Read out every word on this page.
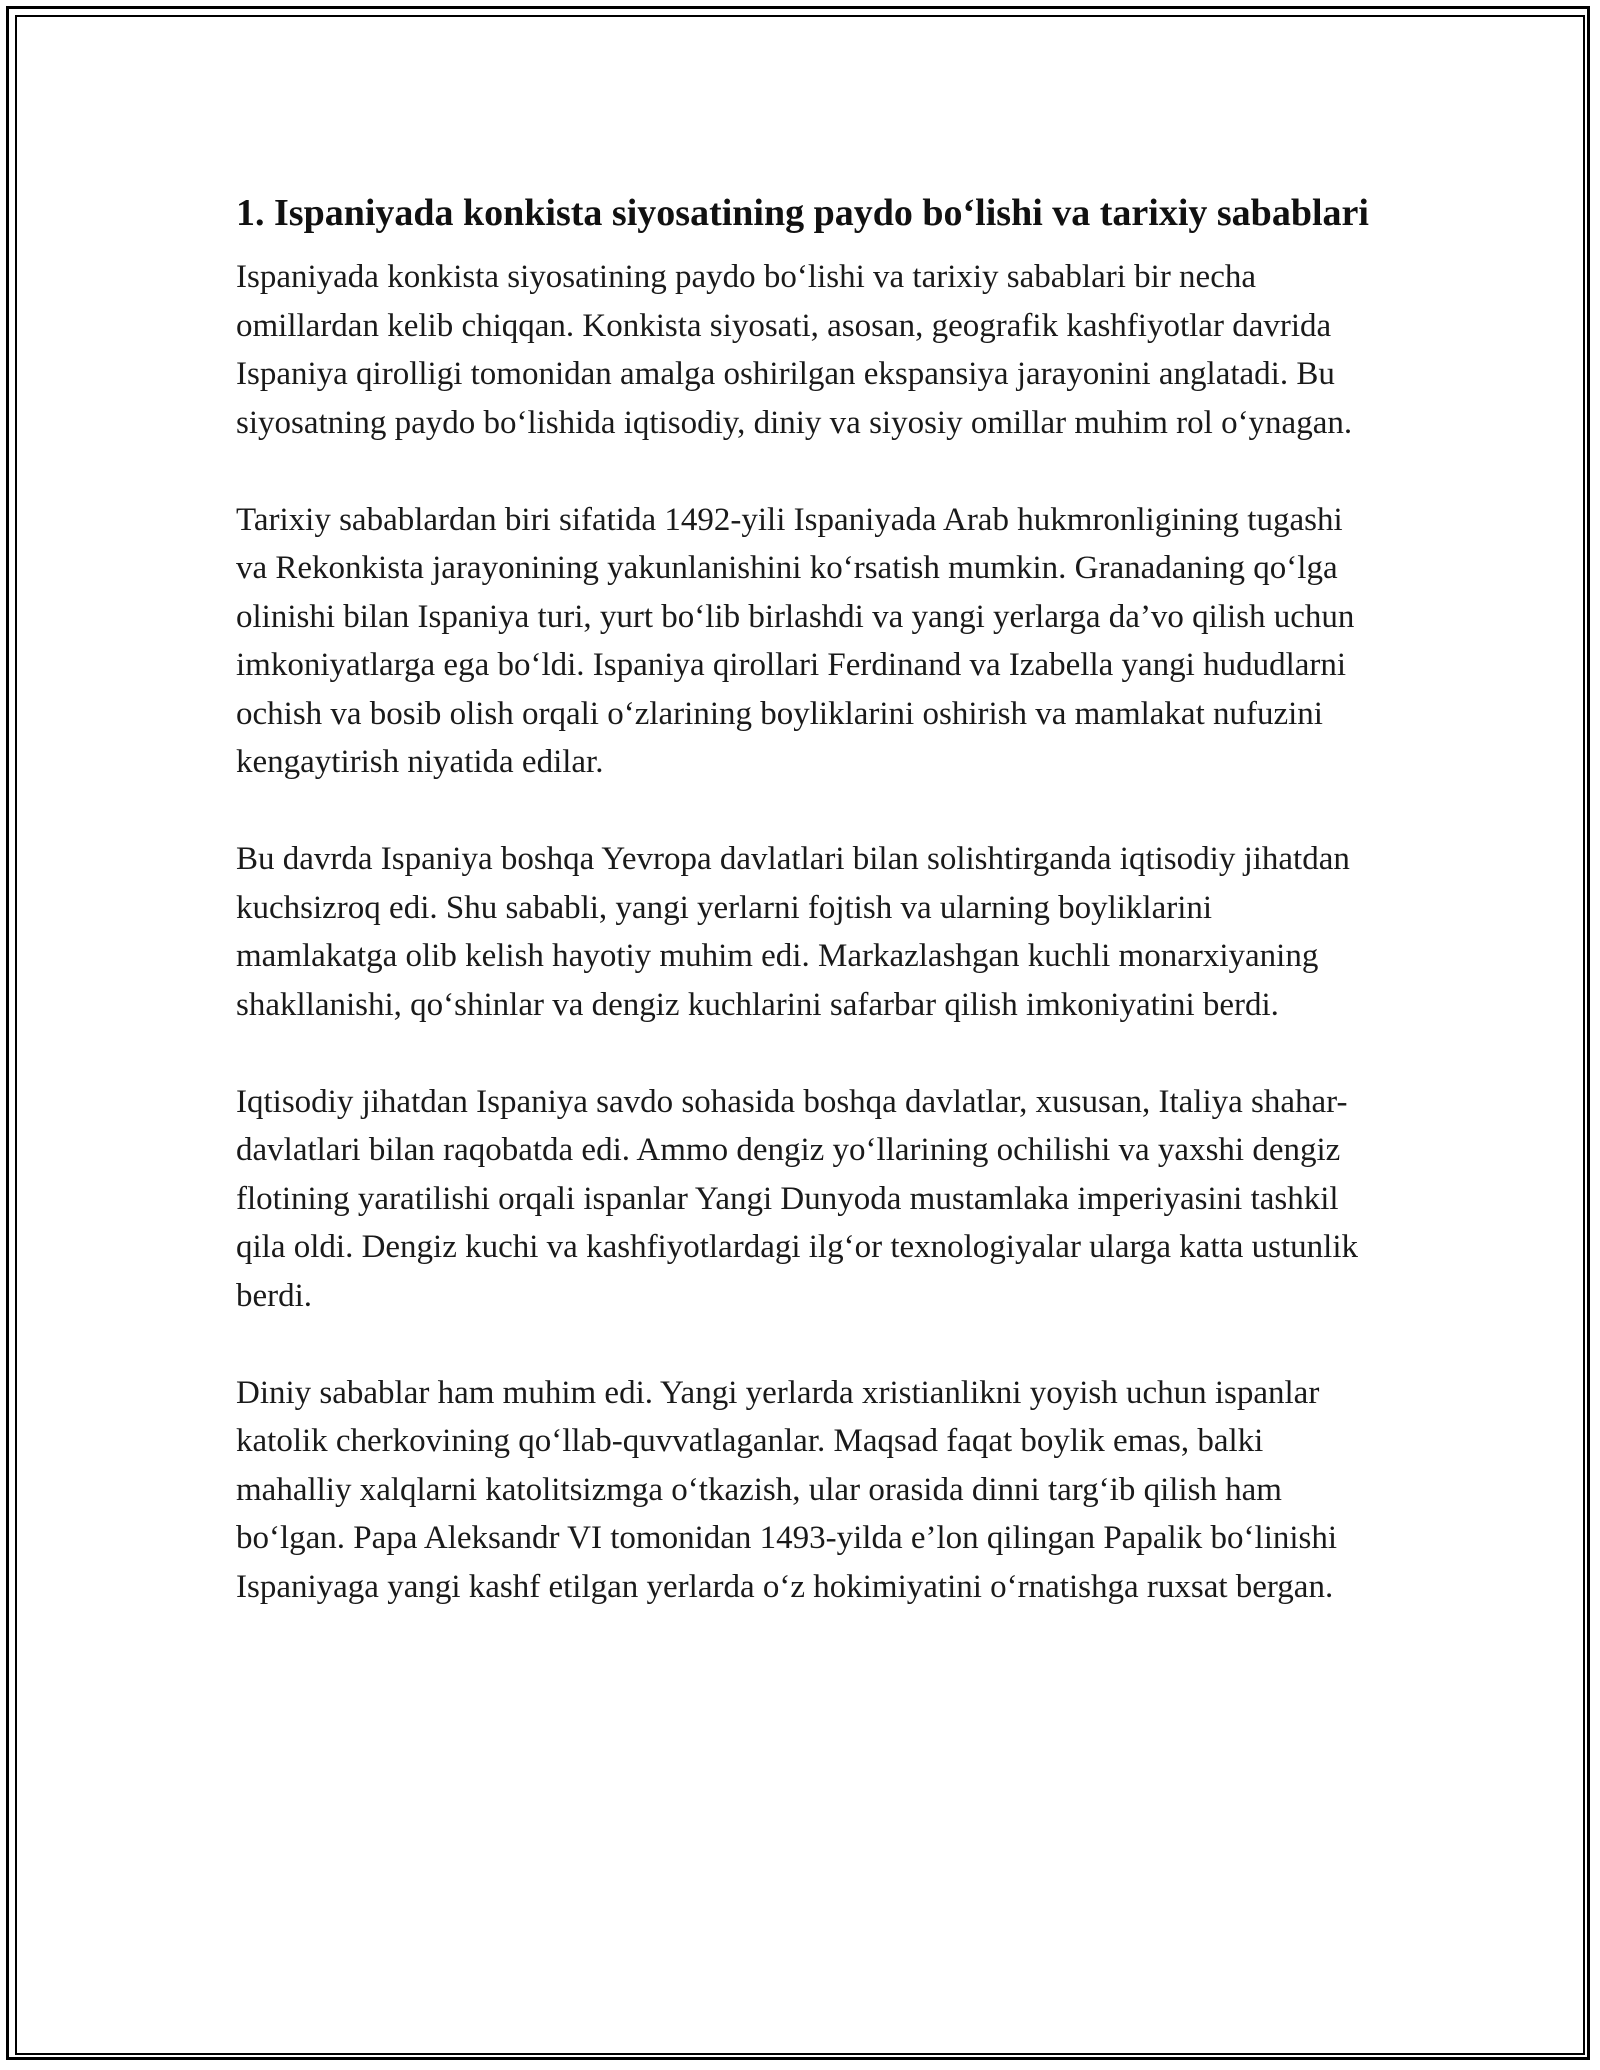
1. Ispaniyada konkista siyosatining paydo bo‘lishi va tarixiy sabablari

Ispaniyada konkista siyosatining paydo bo‘lishi va tarixiy sabablari bir necha omillardan kelib chiqqan. Konkista siyosati, asosan, geografik kashfiyotlar davrida Ispaniya qirolligi tomonidan amalga oshirilgan ekspansiya jarayonini anglatadi. Bu siyosatning paydo bo‘lishida iqtisodiy, diniy va siyosiy omillar muhim rol o‘ynagan.

Tarixiy sabablardan biri sifatida 1492-yili Ispaniyada Arab hukmronligining tugashi va Rekonkista jarayonining yakunlanishini ko‘rsatish mumkin. Granadaning qo‘lga olinishi bilan Ispaniya turi, yurt bo‘lib birlashdi va yangi yerlarga da’vo qilish uchun imkoniyatlarga ega bo‘ldi. Ispaniya qirollari Ferdinand va Izabella yangi hududlarni ochish va bosib olish orqali o‘zlarining boyliklarini oshirish va mamlakat nufuzini kengaytirish niyatida edilar.

Bu davrda Ispaniya boshqa Yevropa davlatlari bilan solishtirganda iqtisodiy jihatdan kuchsizroq edi. Shu sababli, yangi yerlarni fojtish va ularning boyliklarini mamlakatga olib kelish hayotiy muhim edi. Markazlashgan kuchli monarxiyaning shakllanishi, qo‘shinlar va dengiz kuchlarini safarbar qilish imkoniyatini berdi.

Iqtisodiy jihatdan Ispaniya savdo sohasida boshqa davlatlar, xususan, Italiya shahar-davlatlari bilan raqobatda edi. Ammo dengiz yo‘llarining ochilishi va yaxshi dengiz flotining yaratilishi orqali ispanlar Yangi Dunyoda mustamlaka imperiyasini tashkil qila oldi. Dengiz kuchi va kashfiyotlardagi ilg‘or texnologiyalar ularga katta ustunlik berdi.

Diniy sabablar ham muhim edi. Yangi yerlarda xristianlikni yoyish uchun ispanlar katolik cherkovining qo‘llab-quvvatlaganlar. Maqsad faqat boylik emas, balki mahalliy xalqlarni katolitsizmga o‘tkazish, ular orasida dinni targ‘ib qilish ham bo‘lgan. Papa Aleksandr VI tomonidan 1493-yilda e’lon qilingan Papalik bo‘linishi Ispaniyaga yangi kashf etilgan yerlarda o‘z hokimiyatini o‘rnatishga ruxsat bergan.
